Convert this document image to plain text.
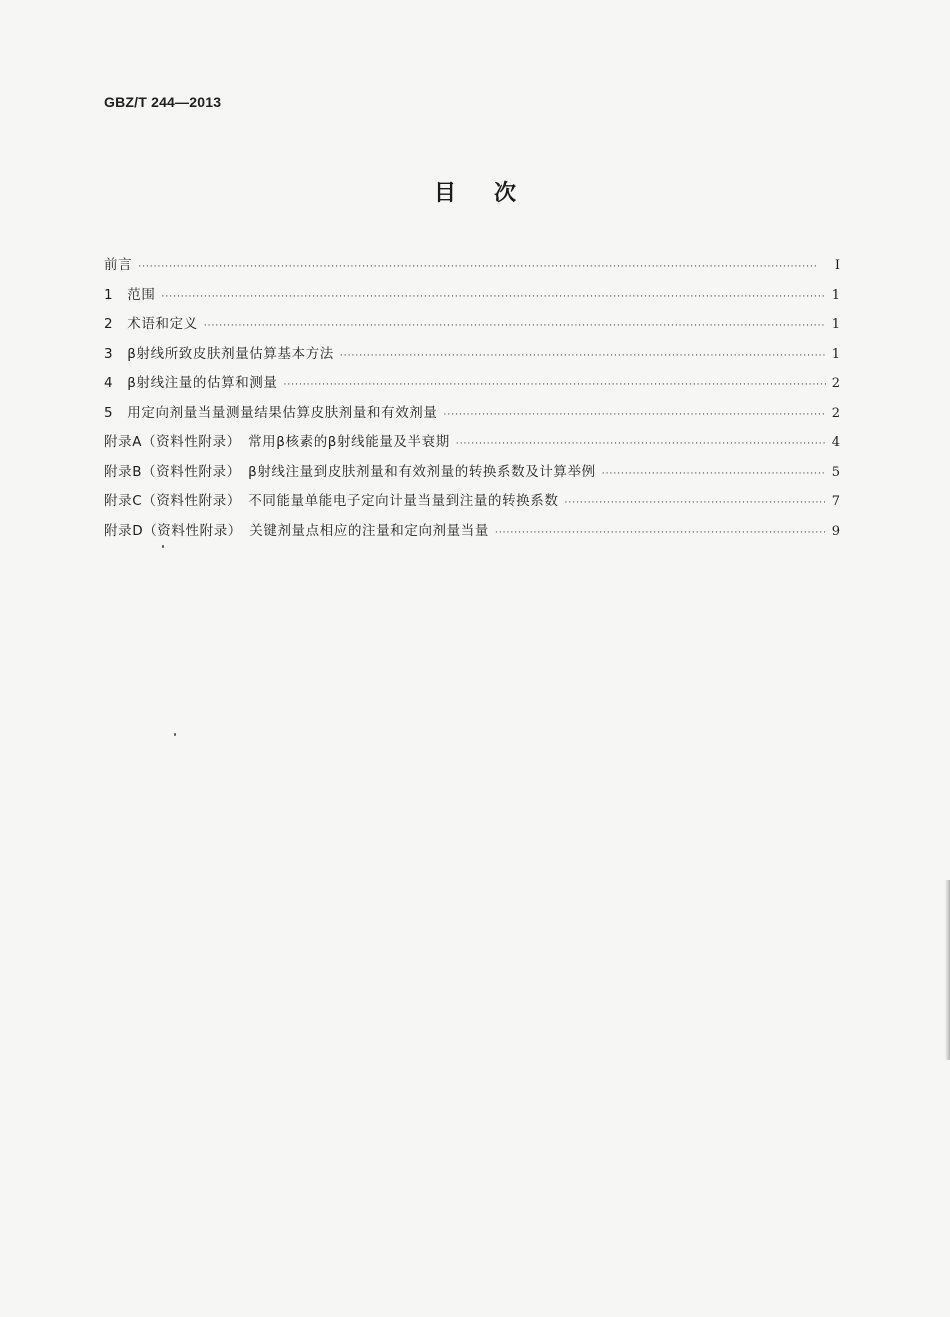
GBZ/T 244—2013
目次
前言 ·····	Ⅰ
1　范围 ·····	1
2　术语和定义 ·····	1
3　β射线所致皮肤剂量估算基本方法 ·····	1
4　β射线注量的估算和测量 ·····	2
5　用定向剂量当量测量结果估算皮肤剂量和有效剂量 ·····	2
附录A（资料性附录）　常用β核素的β射线能量及半衰期 ·····	4
附录B（资料性附录）　β射线注量到皮肤剂量和有效剂量的转换系数及计算举例 ·····	5
附录C（资料性附录）　不同能量单能电子定向计量当量到注量的转换系数 ·····	7
附录D（资料性附录）　关键剂量点相应的注量和定向剂量当量 ·····	9
